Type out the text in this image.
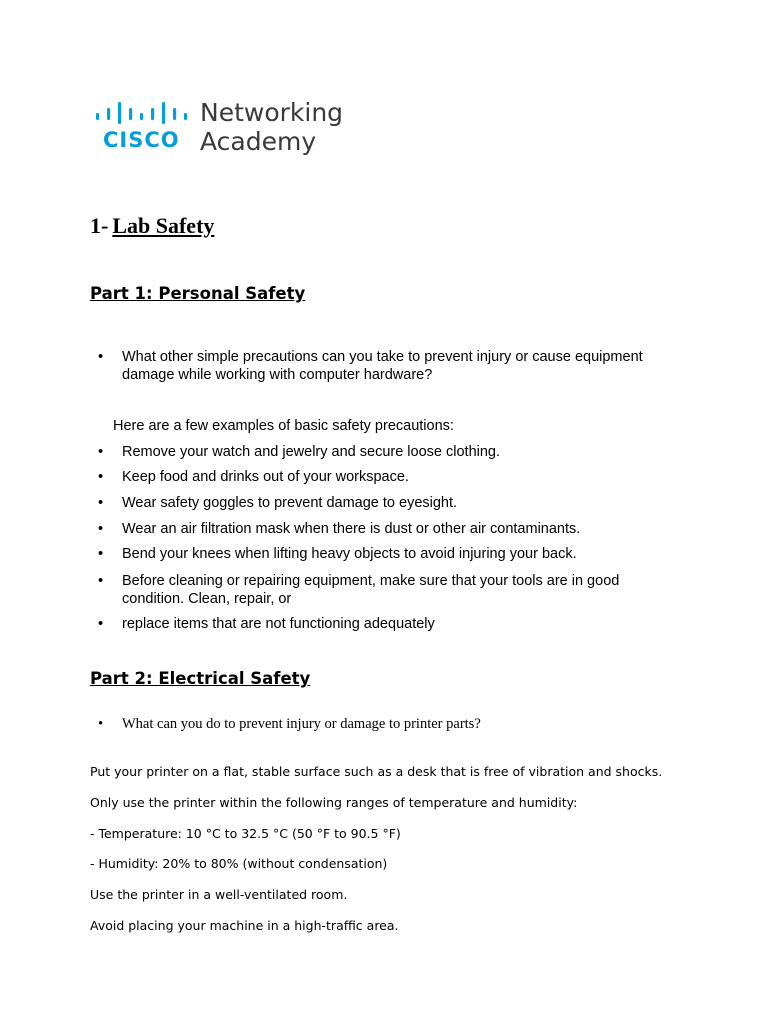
CISCO
Networking
Academy
1- Lab Safety
Part 1: Personal Safety
• What other simple precautions can you take to prevent injury or cause equipment damage while working with computer hardware?
Here are a few examples of basic safety precautions:
• Remove your watch and jewelry and secure loose clothing.
• Keep food and drinks out of your workspace.
• Wear safety goggles to prevent damage to eyesight.
• Wear an air filtration mask when there is dust or other air contaminants.
• Bend your knees when lifting heavy objects to avoid injuring your back.
• Before cleaning or repairing equipment, make sure that your tools are in good condition. Clean, repair, or
• replace items that are not functioning adequately
Part 2: Electrical Safety
• What can you do to prevent injury or damage to printer parts?
Put your printer on a flat, stable surface such as a desk that is free of vibration and shocks.
Only use the printer within the following ranges of temperature and humidity:
- Temperature: 10 °C to 32.5 °C (50 °F to 90.5 °F)
- Humidity: 20% to 80% (without condensation)
Use the printer in a well-ventilated room.
Avoid placing your machine in a high-traffic area.
